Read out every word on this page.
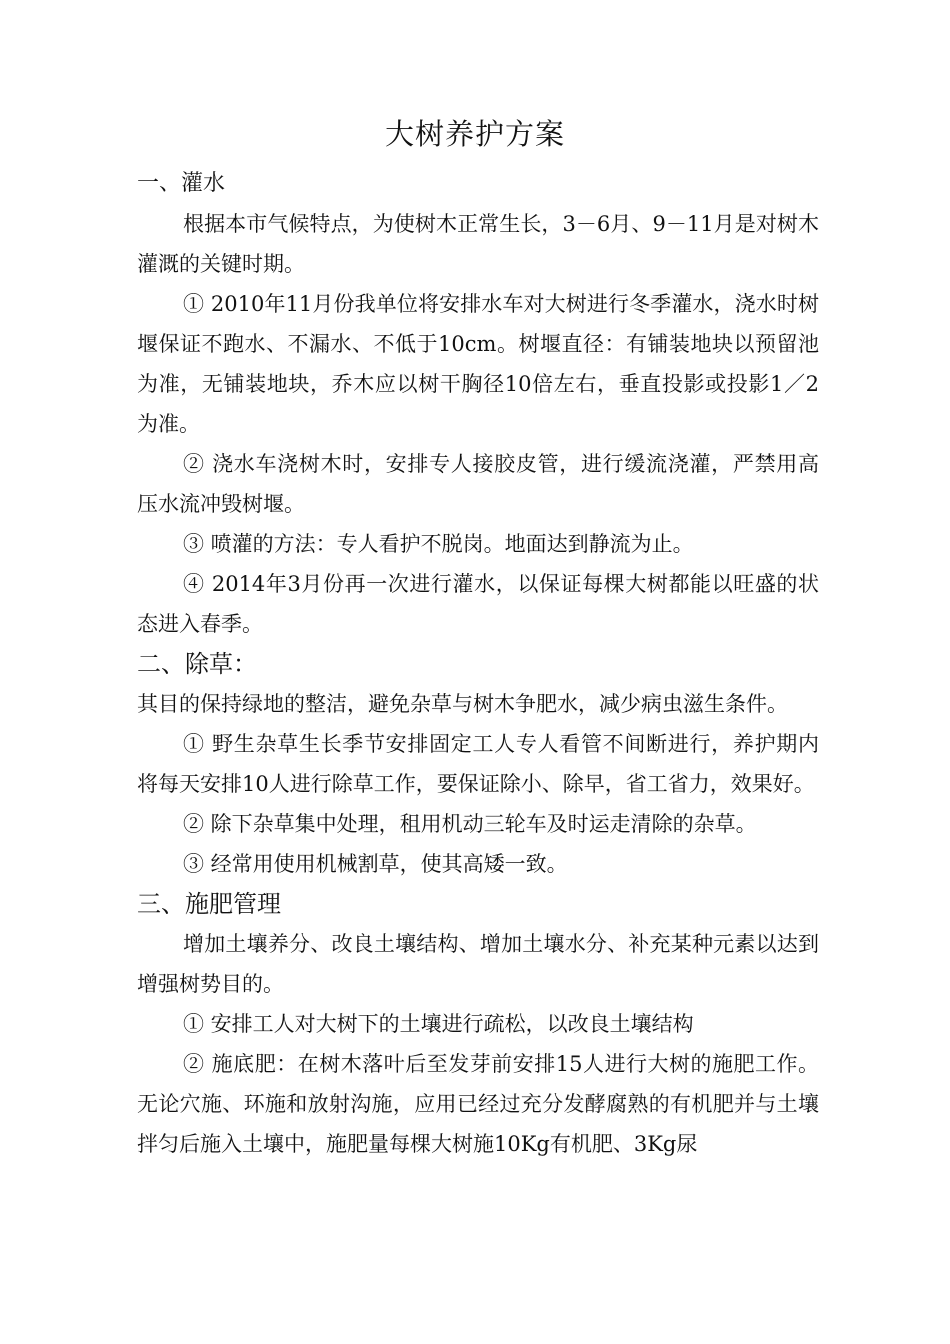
大树养护方案
一、灌水

根据本市气候特点，为使树木正常生长，3－6月、9－11月是对树木灌溉的关键时期。

① 2010年11月份我单位将安排水车对大树进行冬季灌水，浇水时树堰保证不跑水、不漏水、不低于10cm。树堰直径：有铺装地块以预留池为准，无铺装地块，乔木应以树干胸径10倍左右，垂直投影或投影1／2为准。

② 浇水车浇树木时，安排专人接胶皮管，进行缓流浇灌，严禁用高压水流冲毁树堰。

③ 喷灌的方法：专人看护不脱岗。地面达到静流为止。

④ 2014年3月份再一次进行灌水，以保证每棵大树都能以旺盛的状态进入春季。

二、除草：

其目的保持绿地的整洁，避免杂草与树木争肥水，减少病虫滋生条件。

① 野生杂草生长季节安排固定工人专人看管不间断进行，养护期内将每天安排10人进行除草工作，要保证除小、除早，省工省力，效果好。

② 除下杂草集中处理，租用机动三轮车及时运走清除的杂草。

③ 经常用使用机械割草，使其高矮一致。

三、施肥管理

增加土壤养分、改良土壤结构、增加土壤水分、补充某种元素以达到增强树势目的。

① 安排工人对大树下的土壤进行疏松，以改良土壤结构

② 施底肥：在树木落叶后至发芽前安排15人进行大树的施肥工作。无论穴施、环施和放射沟施，应用已经过充分发酵腐熟的有机肥并与土壤拌匀后施入土壤中，施肥量每棵大树施10Kg有机肥、3Kg尿
